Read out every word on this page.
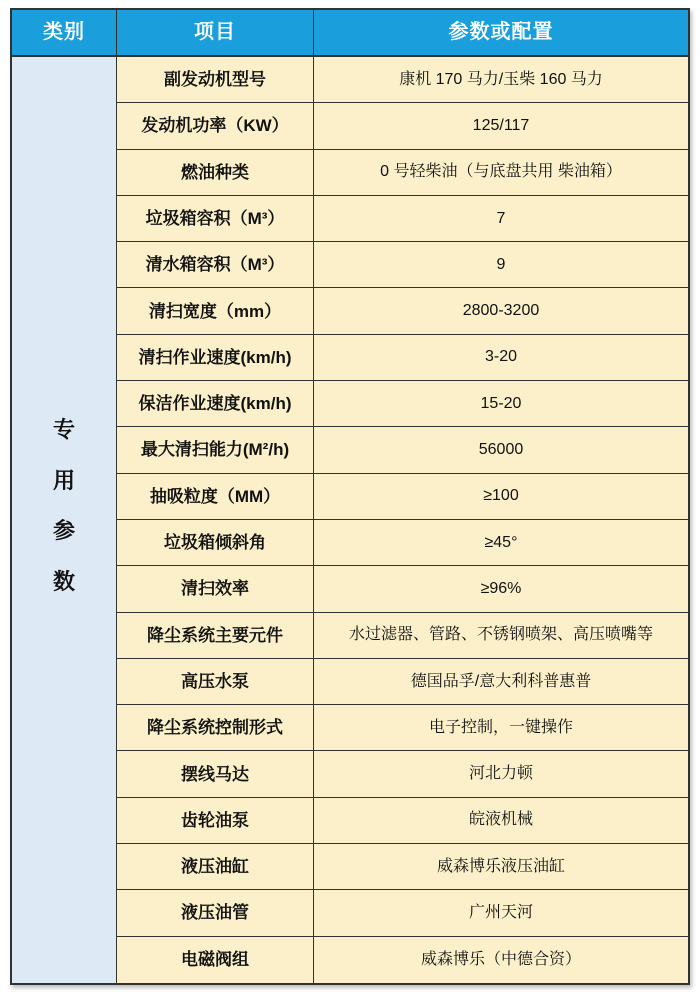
类别	项目	参数或配置
专
用
参
数
副发动机型号	康机 170 马力/玉柴 160 马力
发动机功率（KW）	125/117
燃油种类	0 号轻柴油（与底盘共用 柴油箱）
垃圾箱容积（M³）	7
清水箱容积（M³）	9
清扫宽度（mm）	2800-3200
清扫作业速度(km/h)	3-20
保洁作业速度(km/h)	15-20
最大清扫能力(M²/h)	56000
抽吸粒度（MM）	≥100
垃圾箱倾斜角	≥45°
清扫效率	≥96%
降尘系统主要元件	水过滤器、管路、不锈钢喷架、高压喷嘴等
高压水泵	德国品孚/意大利科普惠普
降尘系统控制形式	电子控制，一键操作
摆线马达	河北力顿
齿轮油泵	皖液机械
液压油缸	威森博乐液压油缸
液压油管	广州天河
电磁阀组	威森博乐（中德合资）
